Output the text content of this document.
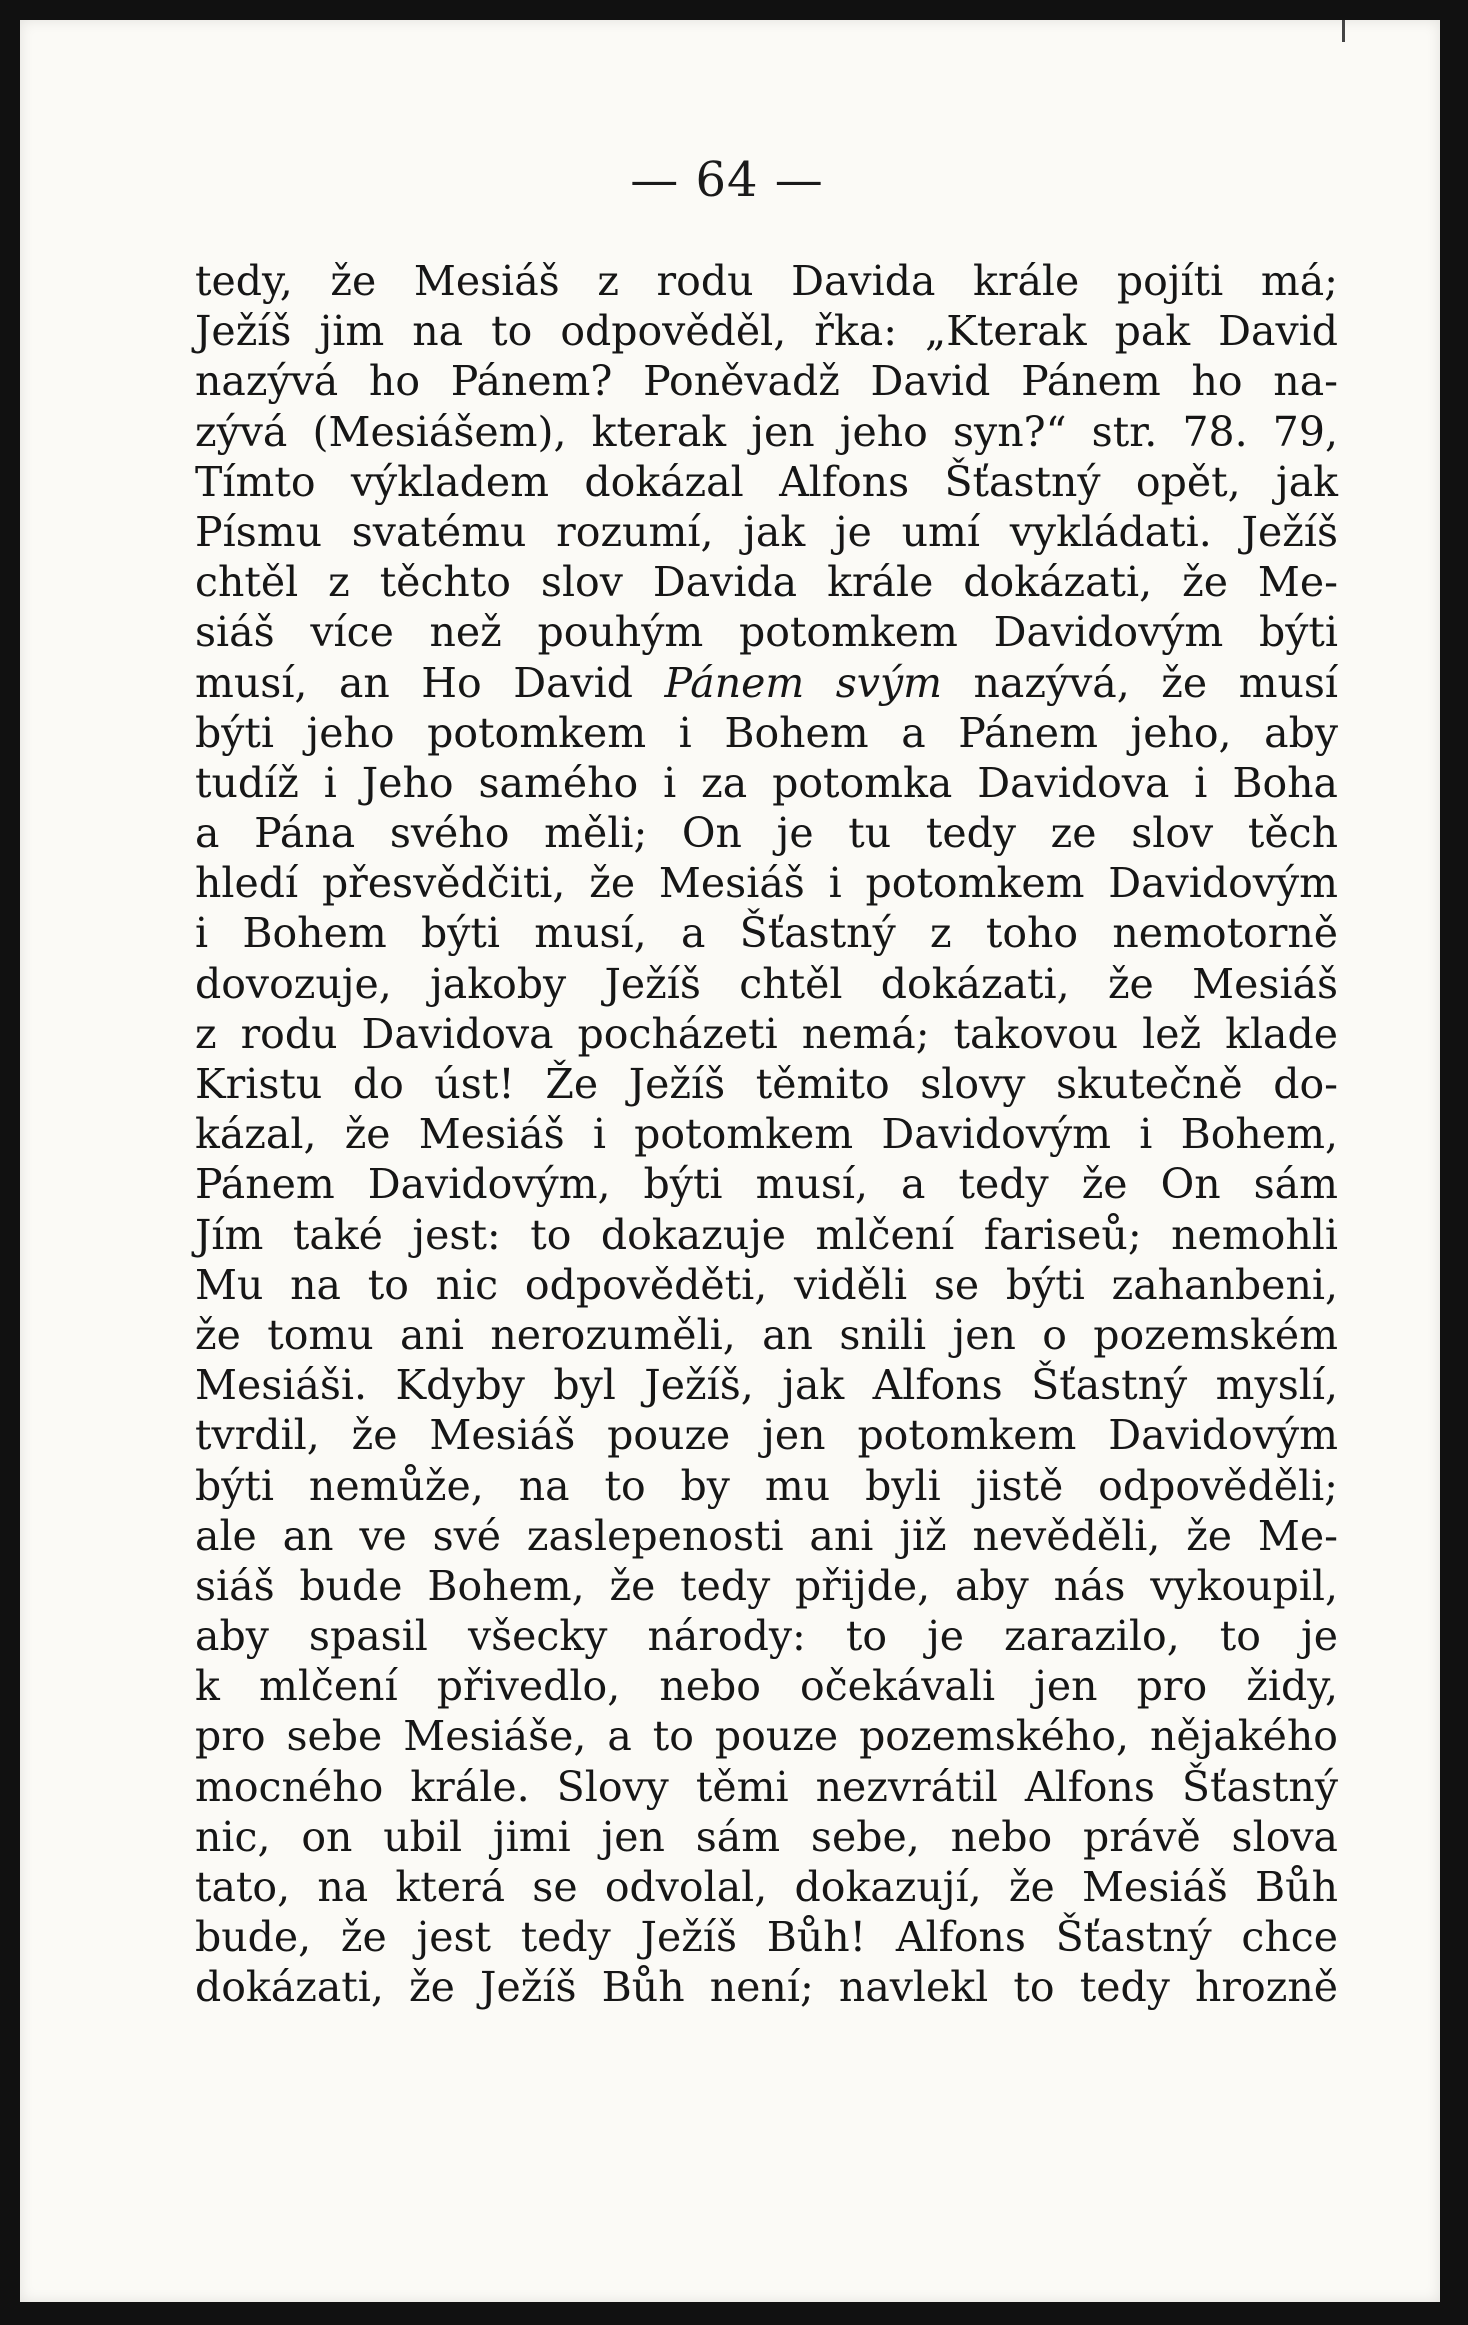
— 64 —
tedy, že Mesiáš z rodu Davida krále pojíti má;
Ježíš jim na to odpověděl, řka: „Kterak pak David
nazývá ho Pánem? Poněvadž David Pánem ho na-
zývá (Mesiášem), kterak jen jeho syn?“ str. 78. 79,
Tímto výkladem dokázal Alfons Šťastný opět, jak
Písmu svatému rozumí, jak je umí vykládati. Ježíš
chtěl z těchto slov Davida krále dokázati, že Me-
siáš více než pouhým potomkem Davidovým býti
musí, an Ho David Pánem svým nazývá, že musí
býti jeho potomkem i Bohem a Pánem jeho, aby
tudíž i Jeho samého i za potomka Davidova i Boha
a Pána svého měli; On je tu tedy ze slov těch
hledí přesvědčiti, že Mesiáš i potomkem Davidovým
i Bohem býti musí, a Šťastný z toho nemotorně
dovozuje, jakoby Ježíš chtěl dokázati, že Mesiáš
z rodu Davidova pocházeti nemá; takovou lež klade
Kristu do úst! Že Ježíš těmito slovy skutečně do-
kázal, že Mesiáš i potomkem Davidovým i Bohem,
Pánem Davidovým, býti musí, a tedy že On sám
Jím také jest: to dokazuje mlčení fariseů; nemohli
Mu na to nic odpověděti, viděli se býti zahanbeni,
že tomu ani nerozuměli, an snili jen o pozemském
Mesiáši. Kdyby byl Ježíš, jak Alfons Šťastný myslí,
tvrdil, že Mesiáš pouze jen potomkem Davidovým
býti nemůže, na to by mu byli jistě odpověděli;
ale an ve své zaslepenosti ani již nevěděli, že Me-
siáš bude Bohem, že tedy přijde, aby nás vykoupil,
aby spasil všecky národy: to je zarazilo, to je
k mlčení přivedlo, nebo očekávali jen pro židy,
pro sebe Mesiáše, a to pouze pozemského, nějakého
mocného krále. Slovy těmi nezvrátil Alfons Šťastný
nic, on ubil jimi jen sám sebe, nebo právě slova
tato, na která se odvolal, dokazují, že Mesiáš Bůh
bude, že jest tedy Ježíš Bůh! Alfons Šťastný chce
dokázati, že Ježíš Bůh není; navlekl to tedy hrozně
